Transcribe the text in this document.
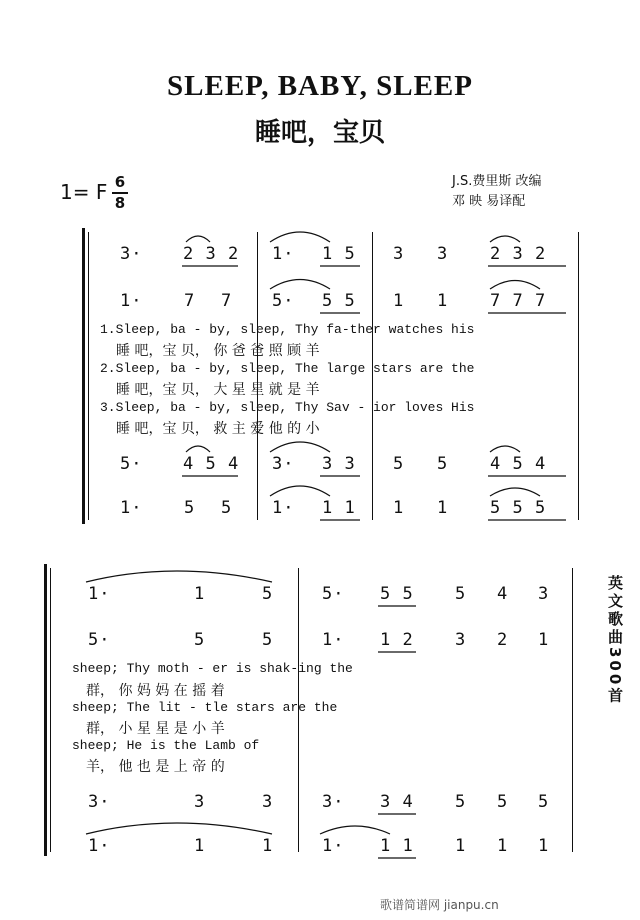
SLEEP, BABY, SLEEP
睡吧，宝贝
J.S.费里斯 改编
邓 映 易译配
1= F 6
8
3· 2 3 2 1· 1 5 3 3 2 3 2
1· 7 7 5· 5 5 1 1 7 7 7
1.Sleep, ba - by, sleep, Thy fa-ther watches his
睡 吧，宝 贝， 你 爸 爸 照 顾 羊
2.Sleep, ba - by, sleep, The large stars are the
睡 吧，宝 贝， 大 星 星 就 是 羊
3.Sleep, ba - by, sleep, Thy Sav - ior loves His
睡 吧，宝 贝， 救 主 爱 他 的 小
5· 4 5 4 3· 3 3 5 5 4 5 4
1· 5 5 1· 1 1 1 1 5 5 5
1·	1	5	5· 5 5 5 4 3
5·	5	5	1· 1 2 3 2 1
sheep; Thy moth - er is shak-ing the
群， 你 妈 妈 在 摇 着
sheep; The lit - tle stars are the
群， 小 星 星 是 小 羊
sheep; He is the Lamb of
羊， 他 也 是 上 帝 的
3·	3	3	3· 3 4 5 5 5
1·	1	1	1· 1 1 1 1 1
英文歌曲300首
歌谱简谱网 jianpu.cn
